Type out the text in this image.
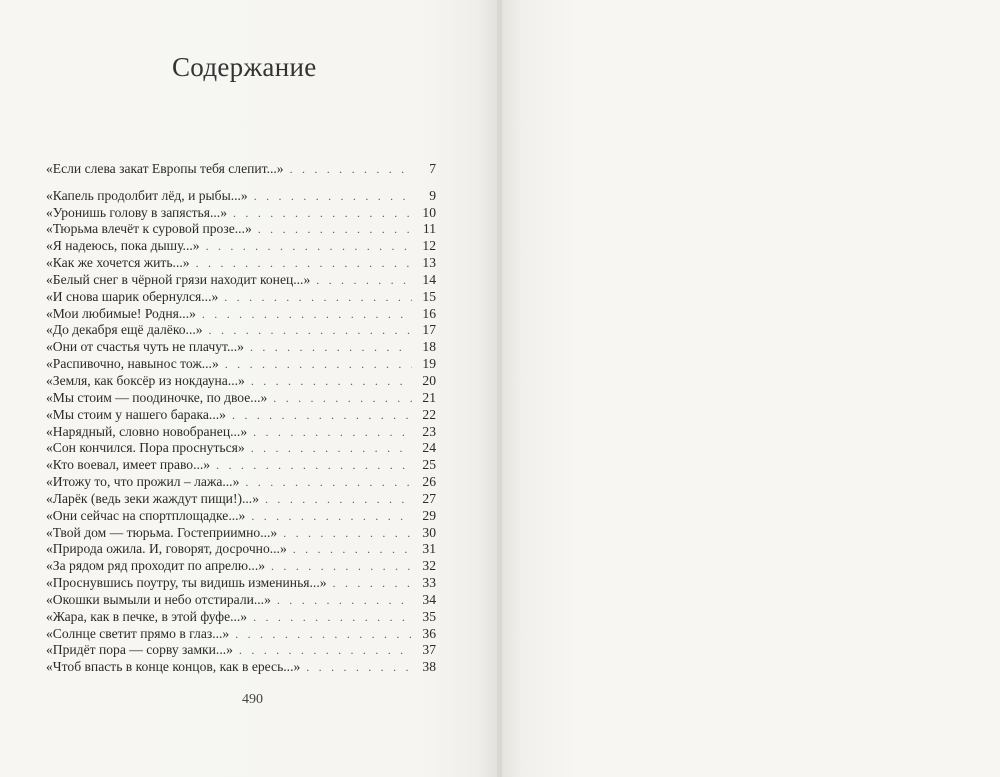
Содержание
«Если слева закат Европы тебя слепит...» . . .	7
«Капель продолбит лёд, и рыбы...» . . .	9
«Уронишь голову в запястья...» . . .	10
«Тюрьма влечёт к суровой прозе...» . . .	11
«Я надеюсь, пока дышу...» . . .	12
«Как же хочется жить...» . . .	13
«Белый снег в чёрной грязи находит конец...» . . .	14
«И снова шарик обернулся...» . . .	15
«Мои любимые! Родня...» . . .	16
«До декабря ещё далёко...» . . .	17
«Они от счастья чуть не плачут...» . . .	18
«Распивочно, навынос тож...» . . .	19
«Земля, как боксёр из нокдауна...» . . .	20
«Мы стоим — поодиночке, по двое...» . . .	21
«Мы стоим у нашего барака...» . . .	22
«Нарядный, словно новобранец...» . . .	23
«Сон кончился. Пора проснуться» . . .	24
«Кто воевал, имеет право...» . . .	25
«Итожу то, что прожил – лажа...» . . .	26
«Ларёк (ведь зеки жаждут пищи!)...» . . .	27
«Они сейчас на спортплощадке...» . . .	29
«Твой дом — тюрьма. Гостеприимно...» . . .	30
«Природа ожила. И, говорят, досрочно...» . . .	31
«За рядом ряд проходит по апрелю...» . . .	32
«Проснувшись поутру, ты видишь изменинья...» . . .	33
«Окошки вымыли и небо отстирали...» . . .	34
«Жара, как в печке, в этой фуфе...» . . .	35
«Солнце светит прямо в глаз...» . . .	36
«Придёт пора — сорву замки...» . . .	37
«Чтоб впасть в конце концов, как в ересь...» . . .	38
490
